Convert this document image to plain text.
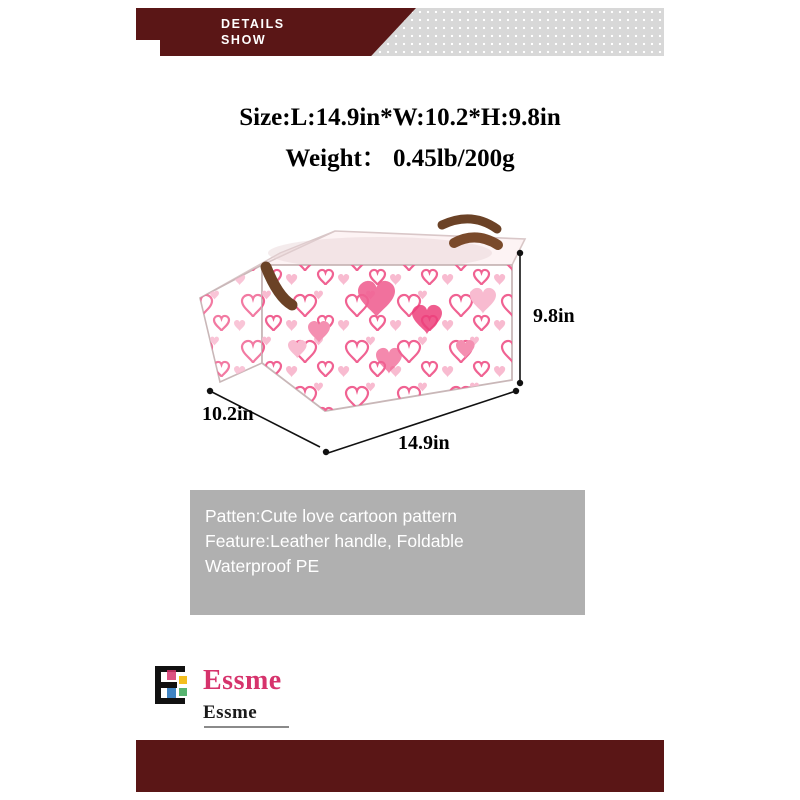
DETAILS
SHOW
Size:L:14.9in*W:10.2*H:9.8in
Weight： 0.45lb/200g
9.8in
10.2in
14.9in
Patten:Cute love cartoon pattern
Feature:Leather handle, Foldable
Waterproof PE
Essme
Essme
